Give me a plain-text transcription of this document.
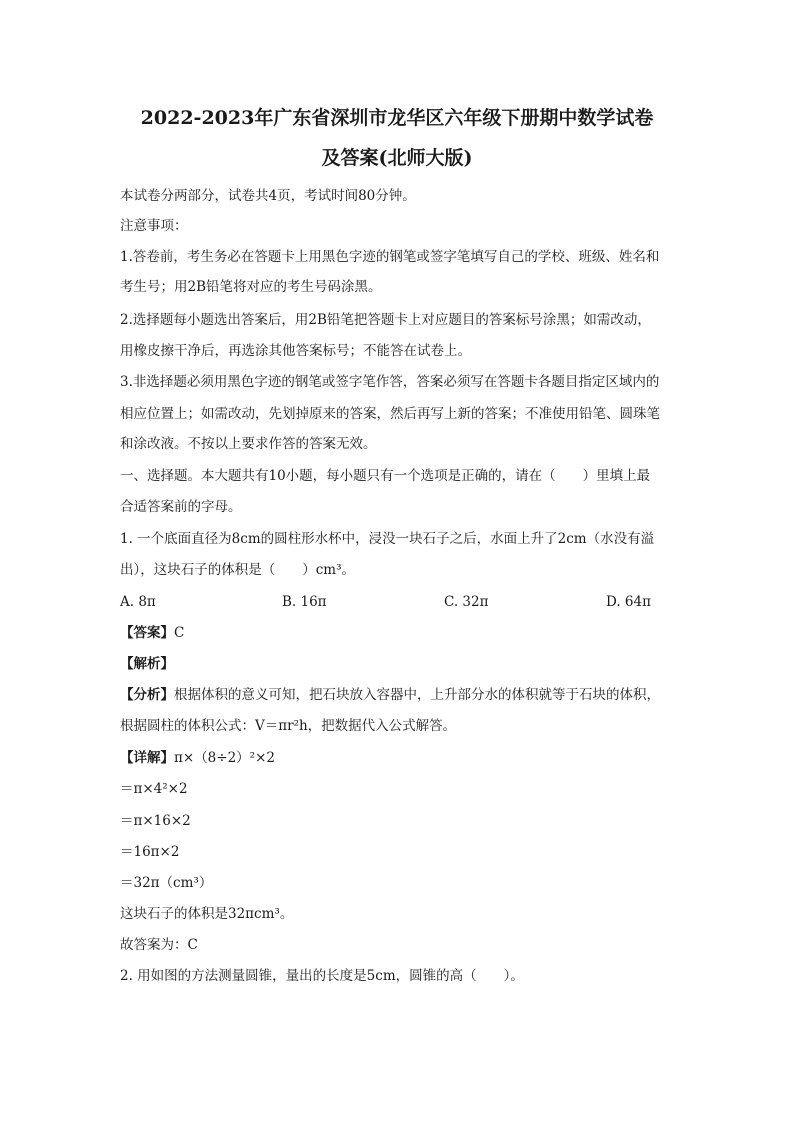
2022-2023年广东省深圳市龙华区六年级下册期中数学试卷
及答案(北师大版)
本试卷分两部分，试卷共4页，考试时间80分钟。
注意事项：
1.答卷前，考生务必在答题卡上用黑色字迹的钢笔或签字笔填写自己的学校、班级、姓名和
考生号；用2B铅笔将对应的考生号码涂黑。
2.选择题每小题选出答案后，用2B铅笔把答题卡上对应题目的答案标号涂黑；如需改动，
用橡皮擦干净后，再选涂其他答案标号；不能答在试卷上。
3.非选择题必须用黑色字迹的钢笔或签字笔作答，答案必须写在答题卡各题目指定区域内的
相应位置上；如需改动，先划掉原来的答案，然后再写上新的答案；不准使用铅笔、圆珠笔
和涂改液。不按以上要求作答的答案无效。
一、选择题。本大题共有10小题，每小题只有一个选项是正确的，请在（　　）里填上最
合适答案前的字母。
1. 一个底面直径为8cm的圆柱形水杯中，浸没一块石子之后，水面上升了2cm（水没有溢
出），这块石子的体积是（　　）cm³。
A. 8π	B. 16π	C. 32π	D. 64π
【答案】C
【解析】
【分析】根据体积的意义可知，把石块放入容器中，上升部分水的体积就等于石块的体积，
根据圆柱的体积公式：V＝πr²h，把数据代入公式解答。
【详解】π×（8÷2）²×2
＝π×4²×2
＝π×16×2
＝16π×2
＝32π（cm³）
这块石子的体积是32πcm³。
故答案为：C
2. 用如图的方法测量圆锥，量出的长度是5cm，圆锥的高（　　）。
